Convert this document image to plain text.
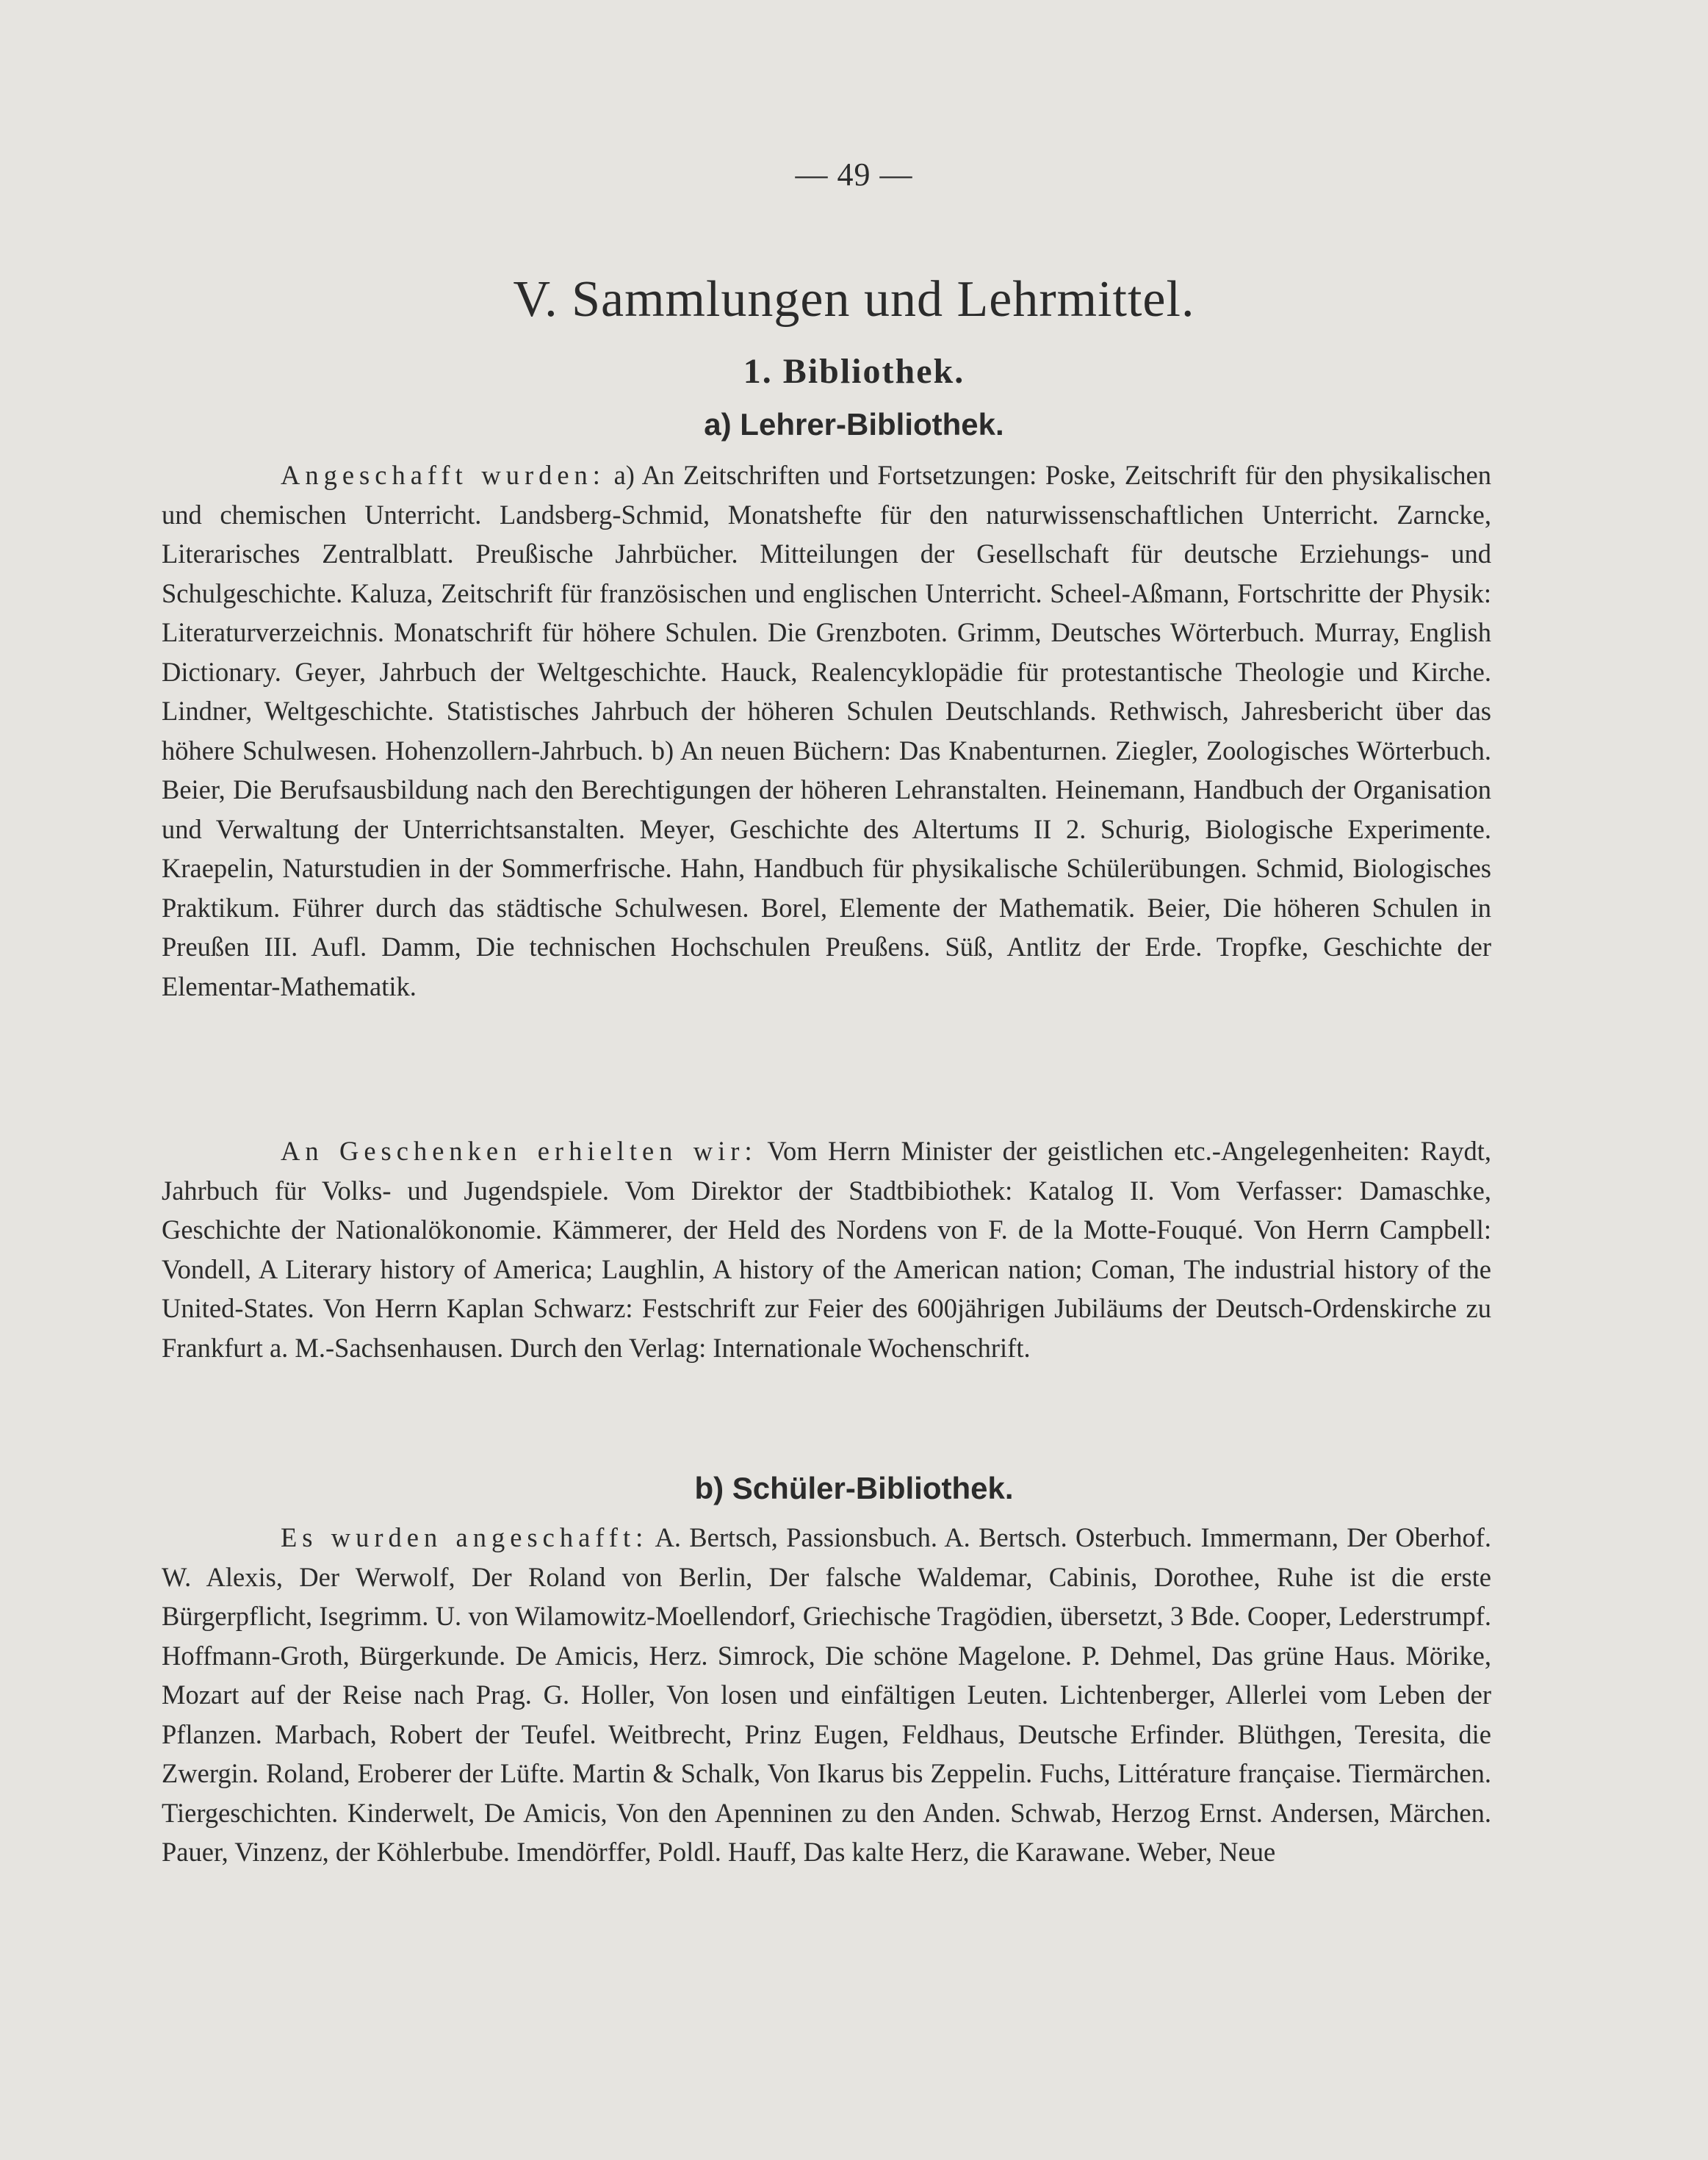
— 49 —
V. Sammlungen und Lehrmittel.
1. Bibliothek.
a) Lehrer-Bibliothek.

Angeschafft wurden: a) An Zeitschriften und Fortsetzungen: Poske, Zeitschrift für den physikalischen und chemischen Unterricht. Landsberg-Schmid, Monatshefte für den naturwissenschaftlichen Unterricht. Zarncke, Literarisches Zentralblatt. Preußische Jahrbücher. Mitteilungen der Gesellschaft für deutsche Erziehungs- und Schulgeschichte. Kaluza, Zeitschrift für französischen und englischen Unterricht. Scheel-Aßmann, Fortschritte der Physik: Literaturverzeichnis. Monatschrift für höhere Schulen. Die Grenzboten. Grimm, Deutsches Wörterbuch. Murray, English Dictionary. Geyer, Jahrbuch der Weltgeschichte. Hauck, Realencyklopädie für protestantische Theologie und Kirche. Lindner, Weltgeschichte. Statistisches Jahrbuch der höheren Schulen Deutschlands. Rethwisch, Jahresbericht über das höhere Schulwesen. Hohenzollern-Jahrbuch. b) An neuen Büchern: Das Knabenturnen. Ziegler, Zoologisches Wörterbuch. Beier, Die Berufsausbildung nach den Berechtigungen der höheren Lehranstalten. Heinemann, Handbuch der Organisation und Verwaltung der Unterrichtsanstalten. Meyer, Geschichte des Altertums II 2. Schurig, Biologische Experimente. Kraepelin, Naturstudien in der Sommerfrische. Hahn, Handbuch für physikalische Schülerübungen. Schmid, Biologisches Praktikum. Führer durch das städtische Schulwesen. Borel, Elemente der Mathematik. Beier, Die höheren Schulen in Preußen III. Aufl. Damm, Die technischen Hochschulen Preußens. Süß, Antlitz der Erde. Tropfke, Geschichte der Elementar-Mathematik.

An Geschenken erhielten wir: Vom Herrn Minister der geistlichen etc.-Angelegenheiten: Raydt, Jahrbuch für Volks- und Jugendspiele. Vom Direktor der Stadtbibiothek: Katalog II. Vom Verfasser: Damaschke, Geschichte der Nationalökonomie. Kämmerer, der Held des Nordens von F. de la Motte-Fouqué. Von Herrn Campbell: Vondell, A Literary history of America; Laughlin, A history of the American nation; Coman, The industrial history of the United-States. Von Herrn Kaplan Schwarz: Festschrift zur Feier des 600jährigen Jubiläums der Deutsch-Ordenskirche zu Frankfurt a. M.-Sachsenhausen. Durch den Verlag: Internationale Wochenschrift.

b) Schüler-Bibliothek.

Es wurden angeschafft: A. Bertsch, Passionsbuch. A. Bertsch. Osterbuch. Immermann, Der Oberhof. W. Alexis, Der Werwolf, Der Roland von Berlin, Der falsche Waldemar, Cabinis, Dorothee, Ruhe ist die erste Bürgerpflicht, Isegrimm. U. von Wilamowitz-Moellendorf, Griechische Tragödien, übersetzt, 3 Bde. Cooper, Lederstrumpf. Hoffmann-Groth, Bürgerkunde. De Amicis, Herz. Simrock, Die schöne Magelone. P. Dehmel, Das grüne Haus. Mörike, Mozart auf der Reise nach Prag. G. Holler, Von losen und einfältigen Leuten. Lichtenberger, Allerlei vom Leben der Pflanzen. Marbach, Robert der Teufel. Weitbrecht, Prinz Eugen, Feldhaus, Deutsche Erfinder. Blüthgen, Teresita, die Zwergin. Roland, Eroberer der Lüfte. Martin & Schalk, Von Ikarus bis Zeppelin. Fuchs, Littérature française. Tiermärchen. Tiergeschichten. Kinderwelt, De Amicis, Von den Apenninen zu den Anden. Schwab, Herzog Ernst. Andersen, Märchen. Pauer, Vinzenz, der Köhlerbube. Imendörffer, Poldl. Hauff, Das kalte Herz, die Karawane. Weber, Neue
